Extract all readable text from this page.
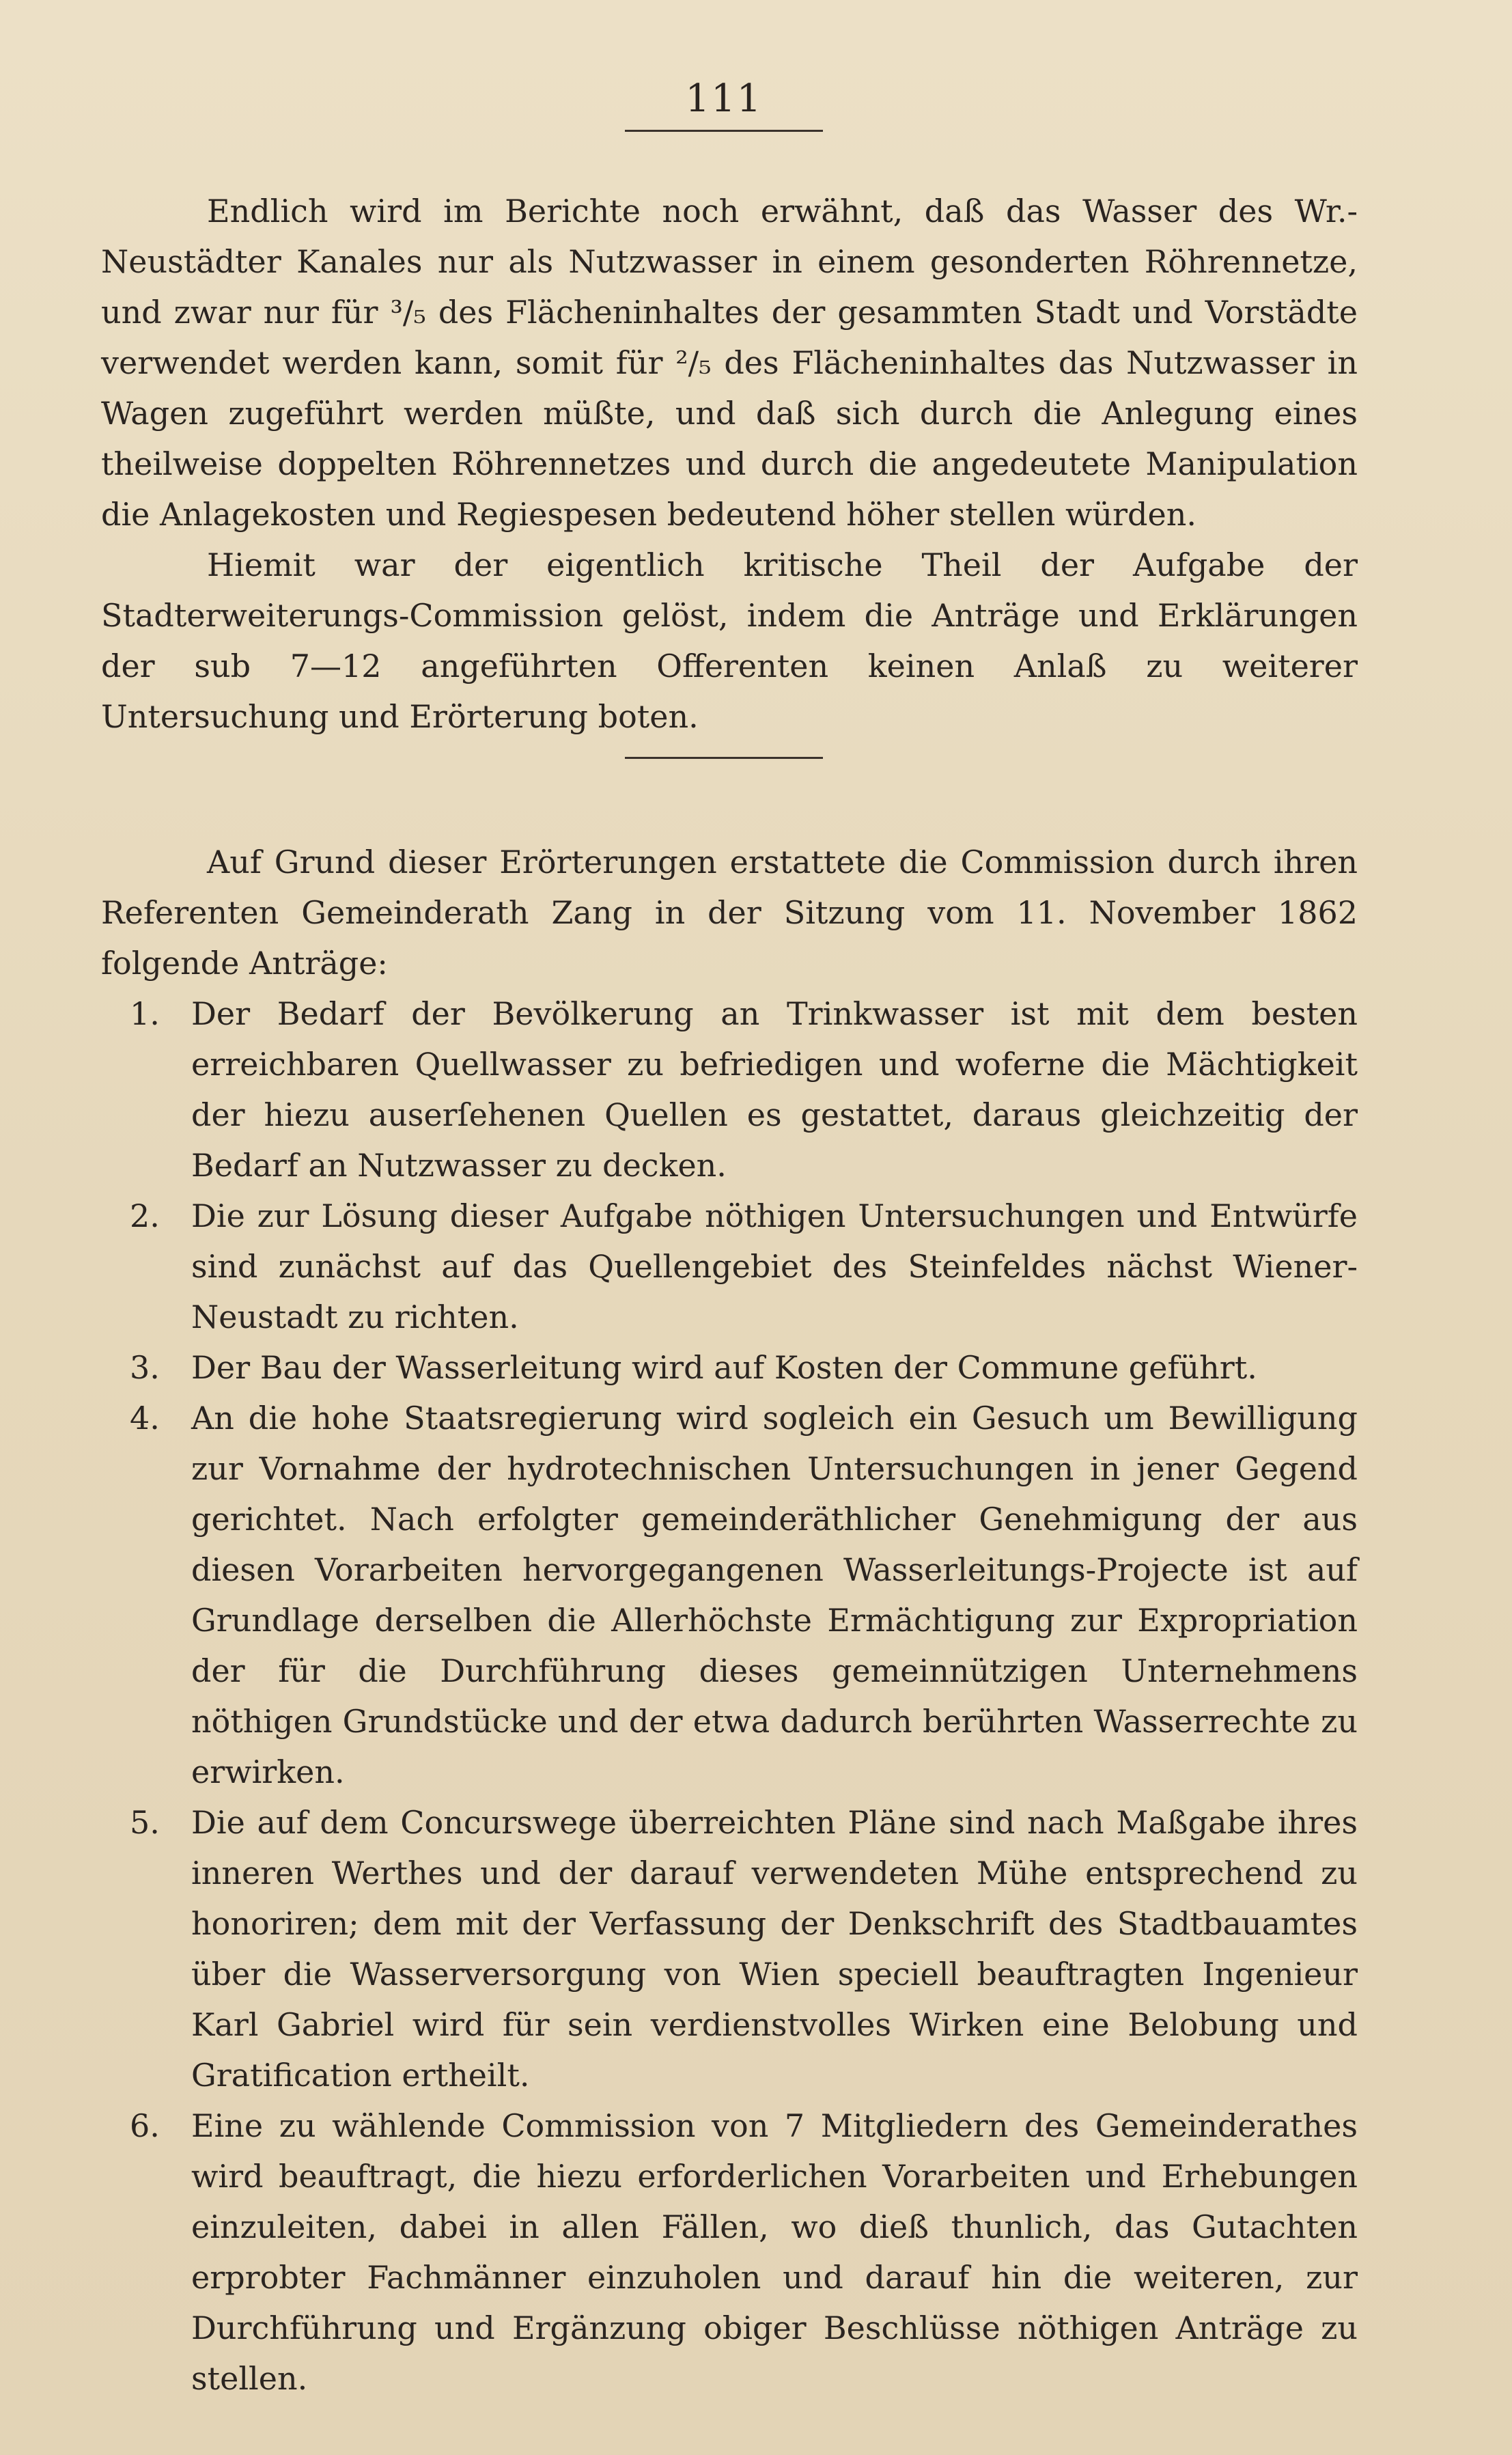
111

Endlich wird im Berichte noch erwähnt, daß das Wasser des Wr.-Neustädter Kanales nur als Nutzwasser in einem gesonderten Röhrennetze, und zwar nur für ³/₅ des Flächeninhaltes der gesammten Stadt und Vorstädte verwendet werden kann, somit für ²/₅ des Flächeninhaltes das Nutzwasser in Wagen zugeführt werden müßte, und daß sich durch die Anlegung eines theilweise doppelten Röhrennetzes und durch die angedeutete Manipulation die Anlagekosten und Regiespesen bedeutend höher stellen würden.

Hiemit war der eigentlich kritische Theil der Aufgabe der Stadterweiterungs-Commission gelöst, indem die Anträge und Erklärungen der sub 7—12 angeführten Offerenten keinen Anlaß zu weiterer Untersuchung und Erörterung boten.

Auf Grund dieser Erörterungen erstattete die Commission durch ihren Referenten Gemeinderath Zang in der Sitzung vom 11. November 1862 folgende Anträge:

1. Der Bedarf der Bevölkerung an Trinkwasser ist mit dem besten erreichbaren Quellwasser zu befriedigen und woferne die Mächtigkeit der hiezu auserſehenen Quellen es gestattet, daraus gleichzeitig der Bedarf an Nutzwasser zu decken.
2. Die zur Lösung dieser Aufgabe nöthigen Untersuchungen und Entwürfe sind zunächst auf das Quellengebiet des Steinfeldes nächst Wiener-Neustadt zu richten.
3. Der Bau der Wasserleitung wird auf Kosten der Commune geführt.
4. An die hohe Staatsregierung wird sogleich ein Gesuch um Bewilligung zur Vornahme der hydrotechnischen Untersuchungen in jener Gegend gerichtet. Nach erfolgter gemeinderäthlicher Genehmigung der aus diesen Vorarbeiten hervorgegangenen Wasserleitungs-Projecte ist auf Grundlage derselben die Allerhöchste Ermächtigung zur Expropriation der für die Durchführung dieses gemeinnützigen Unternehmens nöthigen Grundstücke und der etwa dadurch berührten Wasserrechte zu erwirken.
5. Die auf dem Concurswege überreichten Pläne sind nach Maßgabe ihres inneren Werthes und der darauf verwendeten Mühe entsprechend zu honoriren; dem mit der Verfassung der Denkschrift des Stadtbauamtes über die Wasserversorgung von Wien speciell beauftragten Ingenieur Karl Gabriel wird für sein verdienstvolles Wirken eine Belobung und Gratification ertheilt.
6. Eine zu wählende Commission von 7 Mitgliedern des Gemeinderathes wird beauftragt, die hiezu erforderlichen Vorarbeiten und Erhebungen einzuleiten, dabei in allen Fällen, wo dieß thunlich, das Gutachten erprobter Fachmänner einzuholen und darauf hin die weiteren, zur Durchführung und Ergänzung obiger Beschlüsse nöthigen Anträge zu stellen.
